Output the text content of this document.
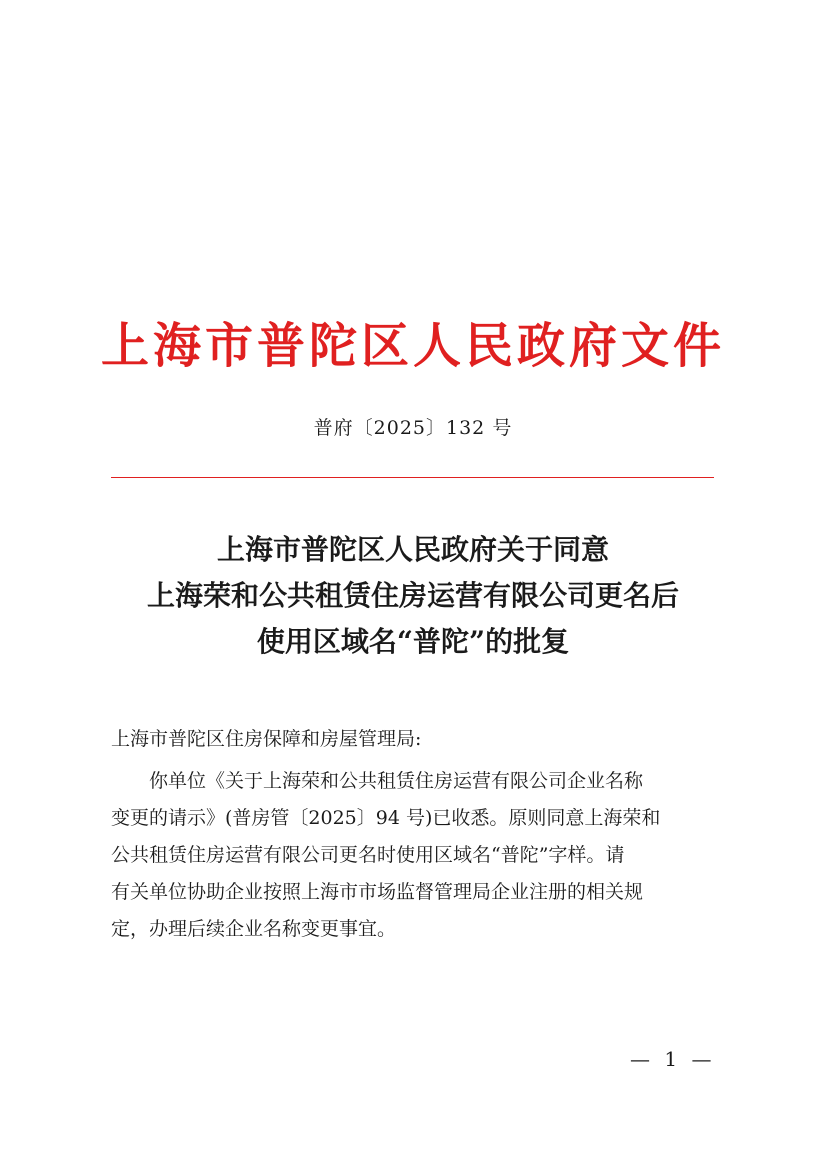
上海市普陀区人民政府文件
普府〔2025〕132 号
上海市普陀区人民政府关于同意
上海荣和公共租赁住房运营有限公司更名后
使用区域名“普陀”的批复
上海市普陀区住房保障和房屋管理局:
你单位《关于上海荣和公共租赁住房运营有限公司企业名称
变更的请示》(普房管〔2025〕94 号)已收悉。原则同意上海荣和
公共租赁住房运营有限公司更名时使用区域名“普陀”字样。请
有关单位协助企业按照上海市市场监督管理局企业注册的相关规
定，办理后续企业名称变更事宜。
— 1 —
